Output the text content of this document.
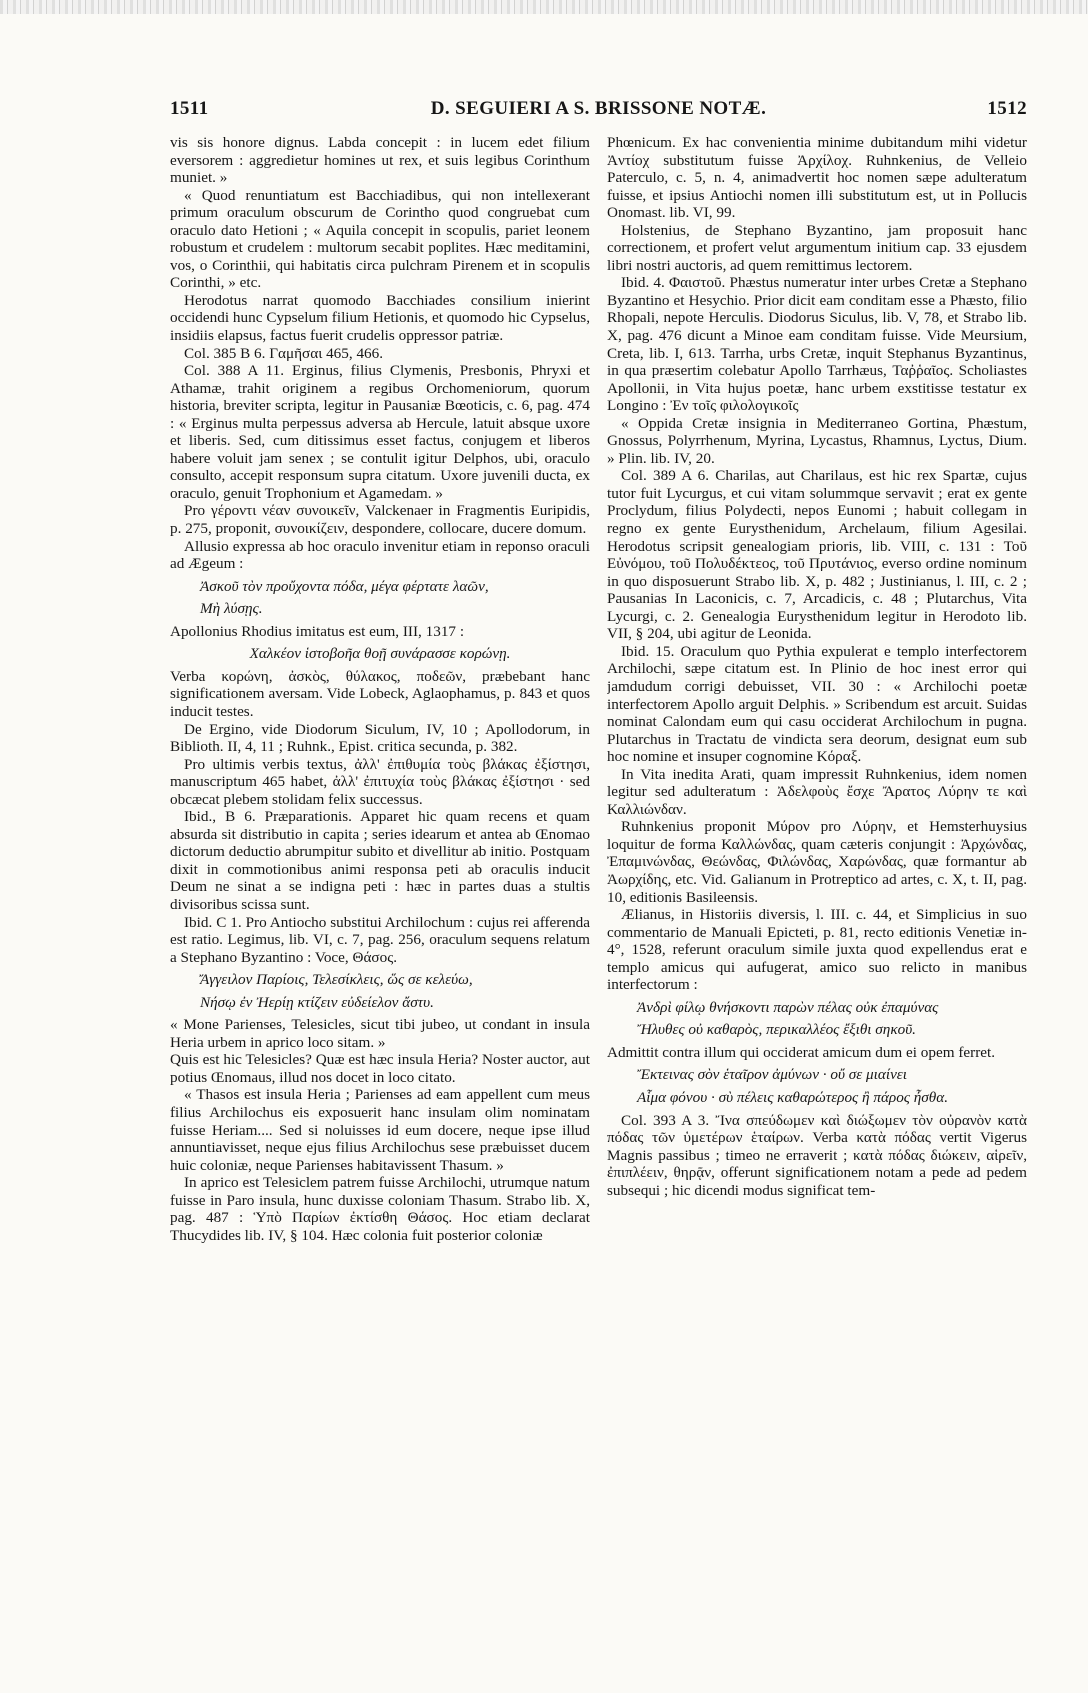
1511	D. SEGUIERI A S. BRISSONE NOTÆ.	1512

vis sis honore dignus. Labda concepit : in lucem edet filium eversorem : aggredietur homines ut rex, et suis legibus Corinthum muniet. »

« Quod renuntiatum est Bacchiadibus, qui non intellexerant primum oraculum obscurum de Corintho quod congruebat cum oraculo dato Hetioni ; « Aquila concepit in scopulis, pariet leonem robustum et crudelem : multorum secabit poplites. Hæc meditamini, vos, o Corinthii, qui habitatis circa pulchram Pirenem et in scopulis Corinthi, » etc.

Herodotus narrat quomodo Bacchiades consilium inierint occidendi hunc Cypselum filium Hetionis, et quomodo hic Cypselus, insidiis elapsus, factus fuerit crudelis oppressor patriæ.

Col. 385 B 6. Γαμῆσαι 465, 466.

Col. 388 A 11. Erginus, filius Clymenis, Presbonis, Phryxi et Athamæ, trahit originem a regibus Orchomeniorum, quorum historia, breviter scripta, legitur in Pausaniæ Bœoticis, c. 6, pag. 474 : « Erginus multa perpessus adversa ab Hercule, latuit absque uxore et liberis. Sed, cum ditissimus esset factus, conjugem et liberos habere voluit jam senex ; se contulit igitur Delphos, ubi, oraculo consulto, accepit responsum supra citatum. Uxore juvenili ducta, ex oraculo, genuit Trophonium et Agamedam. »

Pro γέροντι νέαν συνοικεῖν, Valckenaer in Fragmentis Euripidis, p. 275, proponit, συνοικίζειν, despondere, collocare, ducere domum.

Allusio expressa ab hoc oraculo invenitur etiam in reponso oraculi ad Ægeum :

Ἀσκοῦ τὸν προὔχοντα πόδα, μέγα φέρτατε λαῶν,

Μὴ λύσῃς.

Apollonius Rhodius imitatus est eum, III, 1317 :

Χαλκέον ἱστοβοῆα θοῇ συνάρασσε κορώνῃ.

Verba κορώνη, ἀσκὸς, θύλακος, ποδεῶν, præbebant hanc significationem aversam. Vide Lobeck, Aglaophamus, p. 843 et quos inducit testes.

De Ergino, vide Diodorum Siculum, IV, 10 ; Apollodorum, in Biblioth. II, 4, 11 ; Ruhnk., Epist. critica secunda, p. 382.

Pro ultimis verbis textus, ἀλλ' ἐπιθυμία τοὺς βλάκας ἐξίστησι, manuscriptum 465 habet, ἀλλ' ἐπιτυχία τοὺς βλάκας ἐξίστησι · sed obcæcat plebem stolidam felix successus.

Ibid., B 6. Præparationis. Apparet hic quam recens et quam absurda sit distributio in capita ; series idearum et antea ab Œnomao dictorum deductio abrumpitur subito et divellitur ab initio. Postquam dixit in commotionibus animi responsa peti ab oraculis inducit Deum ne sinat a se indigna peti : hæc in partes duas a stultis divisoribus scissa sunt.

Ibid. C 1. Pro Antiocho substitui Archilochum : cujus rei afferenda est ratio. Legimus, lib. VI, c. 7, pag. 256, oraculum sequens relatum a Stephano Byzantino : Voce, Θάσος.

Ἄγγειλον Παρίοις, Τελεσίκλεις, ὥς σε κελεύω,

Νήσῳ ἐν Ἠερίῃ κτίζειν εὐδείελον ἄστυ.

« Mone Parienses, Telesicles, sicut tibi jubeo, ut condant in insula Heria urbem in aprico loco sitam. »

Quis est hic Telesicles? Quæ est hæc insula Heria? Noster auctor, aut potius Œnomaus, illud nos docet in loco citato.

« Thasos est insula Heria ; Parienses ad eam appellent cum meus filius Archilochus eis exposuerit hanc insulam olim nominatam fuisse Heriam.... Sed si noluisses id eum docere, neque ipse illud annuntiavisset, neque ejus filius Archilochus sese præbuisset ducem huic coloniæ, neque Parienses habitavissent Thasum. »

In aprico est Telesiclem patrem fuisse Archilochi, utrumque natum fuisse in Paro insula, hunc duxisse coloniam Thasum. Strabo lib. X, pag. 487 : Ὑπὸ Παρίων ἐκτίσθη Θάσος. Hoc etiam declarat Thucydides lib. IV, § 104. Hæc colonia fuit posterior coloniæ

Phœnicum. Ex hac convenientia minime dubitandum mihi videtur Ἀντίοχ substitutum fuisse Ἀρχίλοχ. Ruhnkenius, de Velleio Paterculo, c. 5, n. 4, animadvertit hoc nomen sæpe adulteratum fuisse, et ipsius Antiochi nomen illi substitutum est, ut in Pollucis Onomast. lib. VI, 99.

Holstenius, de Stephano Byzantino, jam proposuit hanc correctionem, et profert velut argumentum initium cap. 33 ejusdem libri nostri auctoris, ad quem remittimus lectorem.

Ibid. 4. Φαιστοῦ. Phæstus numeratur inter urbes Cretæ a Stephano Byzantino et Hesychio. Prior dicit eam conditam esse a Phæsto, filio Rhopali, nepote Herculis. Diodorus Siculus, lib. V, 78, et Strabo lib. X, pag. 476 dicunt a Minoe eam conditam fuisse. Vide Meursium, Creta, lib. I, 613. Tarrha, urbs Cretæ, inquit Stephanus Byzantinus, in qua præsertim colebatur Apollo Tarrhæus, Ταῤῥαῖος. Scholiastes Apollonii, in Vita hujus poetæ, hanc urbem exstitisse testatur ex Longino : Ἐν τοῖς φιλολογικοῖς

« Oppida Cretæ insignia in Mediterraneo Gortina, Phæstum, Gnossus, Polyrrhenum, Myrina, Lycastus, Rhamnus, Lyctus, Dium. » Plin. lib. IV, 20.

Col. 389 A 6. Charilas, aut Charilaus, est hic rex Spartæ, cujus tutor fuit Lycurgus, et cui vitam solummque servavit ; erat ex gente Proclydum, filius Polydecti, nepos Eunomi ; habuit collegam in regno ex gente Eurysthenidum, Archelaum, filium Agesilai. Herodotus scripsit genealogiam prioris, lib. VIII, c. 131 : Τοῦ Εὐνόμου, τοῦ Πολυδέκτεος, τοῦ Πρυτάνιος, everso ordine nominum in quo disposuerunt Strabo lib. X, p. 482 ; Justinianus, l. III, c. 2 ; Pausanias In Laconicis, c. 7, Arcadicis, c. 48 ; Plutarchus, Vita Lycurgi, c. 2. Genealogia Eurysthenidum legitur in Herodoto lib. VII, § 204, ubi agitur de Leonida.

Ibid. 15. Oraculum quo Pythia expulerat e templo interfectorem Archilochi, sæpe citatum est. In Plinio de hoc inest error qui jamdudum corrigi debuisset, VII. 30 : « Archilochi poetæ interfectorem Apollo arguit Delphis. » Scribendum est arcuit. Suidas nominat Calondam eum qui casu occiderat Archilochum in pugna. Plutarchus in Tractatu de vindicta sera deorum, designat eum sub hoc nomine et insuper cognomine Κόραξ.

In Vita inedita Arati, quam impressit Ruhnkenius, idem nomen legitur sed adulteratum : Ἀδελφοὺς ἔσχε Ἄρατος Λύρην τε καὶ Καλλιώνδαν.

Ruhnkenius proponit Μύρον pro Λύρην, et Hemsterhuysius loquitur de forma Καλλώνδας, quam cæteris conjungit : Ἀρχώνδας, Ἐπαμινώνδας, Θεώνδας, Φιλώνδας, Χαρώνδας, quæ formantur ab Ἀωρχίδης, etc. Vid. Galianum in Protreptico ad artes, c. X, t. II, pag. 10, editionis Basileensis.

Ælianus, in Historiis diversis, l. III. c. 44, et Simplicius in suo commentario de Manuali Epicteti, p. 81, recto editionis Venetiæ in-4°, 1528, referunt oraculum simile juxta quod expellendus erat e templo amicus qui aufugerat, amico suo relicto in manibus interfectorum :

Ἀνδρὶ φίλῳ θνήσκοντι παρὼν πέλας οὐκ ἐπαμύνας

Ἤλυθες οὐ καθαρὸς, περικαλλέος ἔξιθι σηκοῦ.

Admittit contra illum qui occiderat amicum dum ei opem ferret.

Ἔκτεινας σὸν ἑταῖρον ἀμύνων · οὔ σε μιαίνει

Αἷμα φόνου · σὺ πέλεις καθαρώτερος ἢ πάρος ἦσθα.

Col. 393 A 3. Ἴνα σπεύδωμεν καὶ διώξωμεν τὸν οὐρανὸν κατὰ πόδας τῶν ὑμετέρων ἑταίρων. Verba κατὰ πόδας vertit Vigerus Magnis passibus ; timeo ne erraverit ; κατὰ πόδας διώκειν, αἱρεῖν, ἐπιπλέειν, θηρᾷν, offerunt significationem notam a pede ad pedem subsequi ; hic dicendi modus significat tem-
